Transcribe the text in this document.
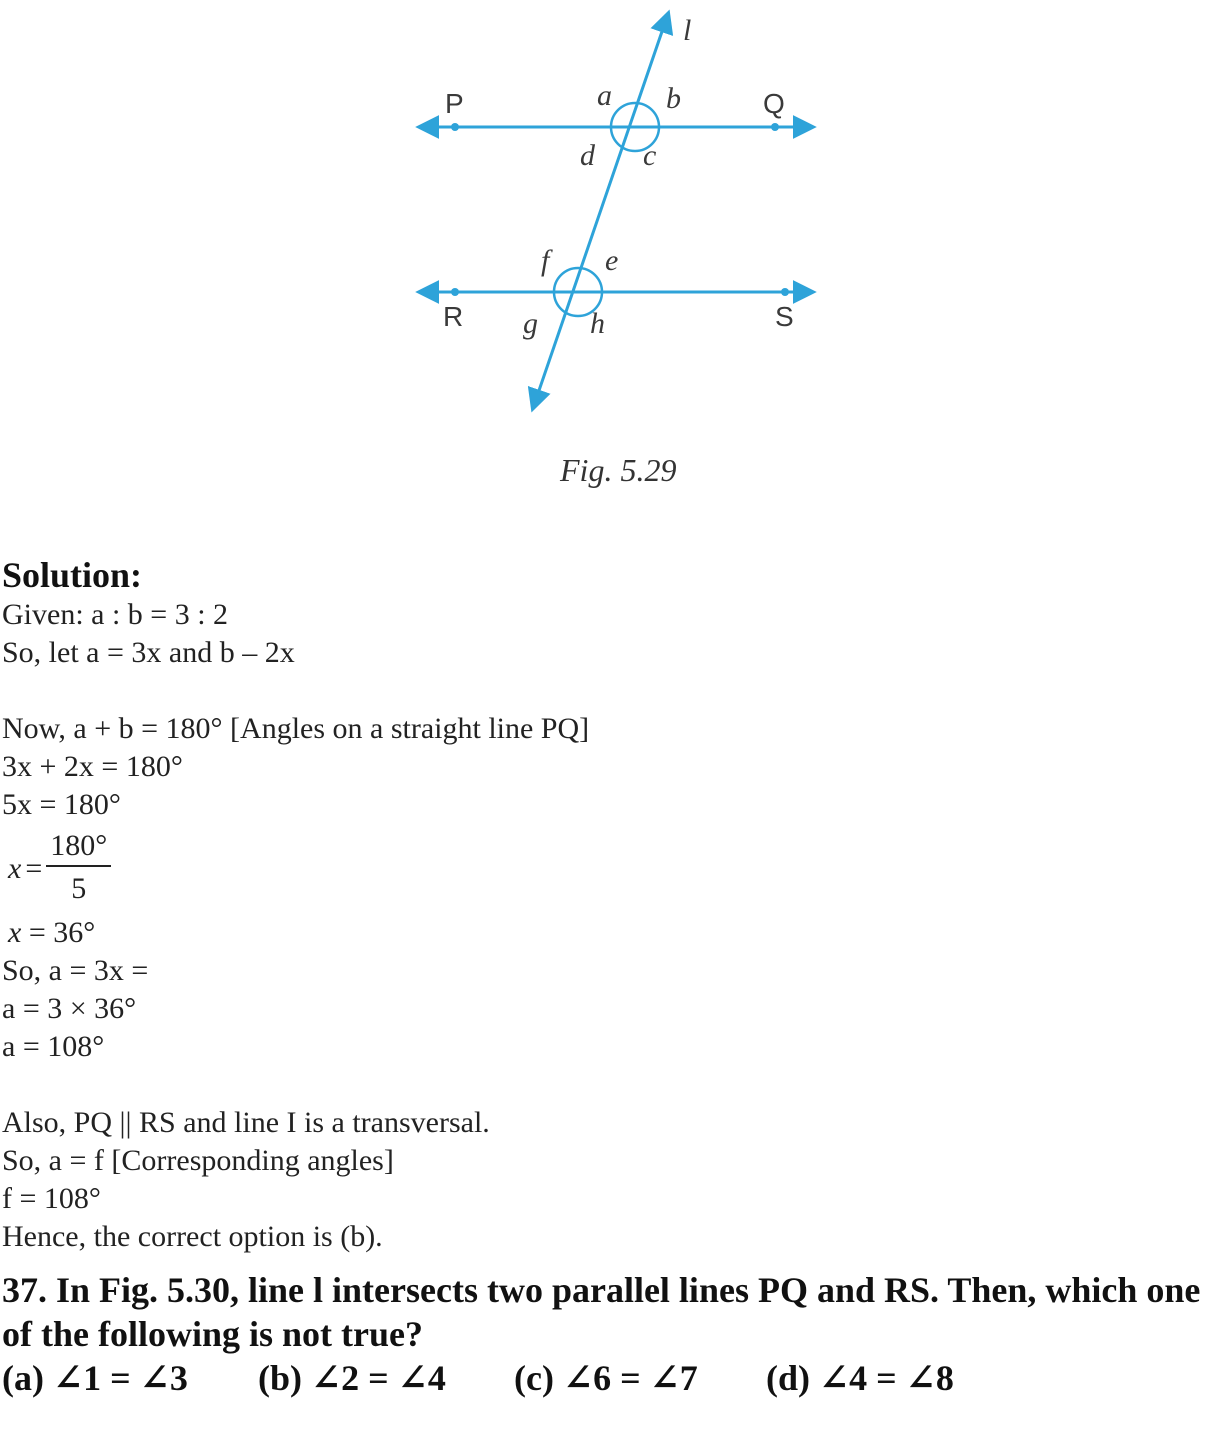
l
P	Q
R	S
a b
d c
f e
g h
Fig. 5.29
Solution:
Given: a : b = 3 : 2
So, let a = 3x and b – 2x
Now, a + b = 180° [Angles on a straight line PQ]
3x + 2x = 180°
5x = 180°
$x = \frac{180^\circ}{5}$
x = 36°
So, a = 3x =
a = 3 × 36°
a = 108°
Also, PQ || RS and line I is a transversal.
So, a = f [Corresponding angles]
f = 108°
Hence, the correct option is (b).
37. In Fig. 5.30, line l intersects two parallel lines PQ and RS. Then, which one of the following is not true?
(a) ∠1 = ∠3	(b) ∠2 = ∠4	(c) ∠6 = ∠7	(d) ∠4 = ∠8
